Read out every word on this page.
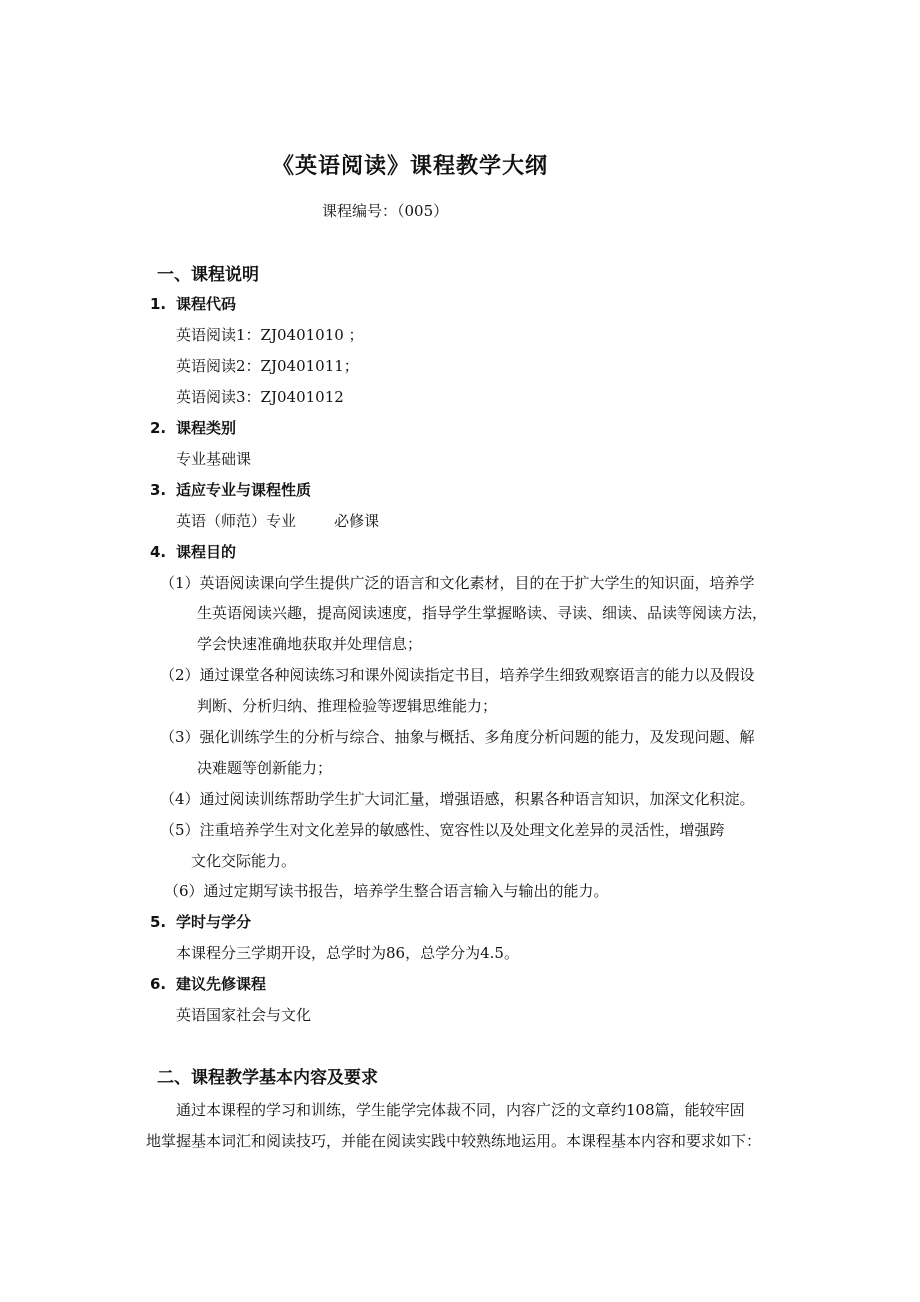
《英语阅读》课程教学大纲
课程编号：（005）
一、课程说明
1. 课程代码
英语阅读1：ZJ0401010 ；
英语阅读2：ZJ0401011；
英语阅读3：ZJ0401012
2. 课程类别
专业基础课
3. 适应专业与课程性质
英语（师范）专业        必修课
4. 课程目的
（1）英语阅读课向学生提供广泛的语言和文化素材，目的在于扩大学生的知识面，培养学
生英语阅读兴趣，提高阅读速度，指导学生掌握略读、寻读、细读、品读等阅读方法，
学会快速准确地获取并处理信息；
（2）通过课堂各种阅读练习和课外阅读指定书目，培养学生细致观察语言的能力以及假设
判断、分析归纳、推理检验等逻辑思维能力；
（3）强化训练学生的分析与综合、抽象与概括、多角度分析问题的能力，及发现问题、解
决难题等创新能力；
（4）通过阅读训练帮助学生扩大词汇量，增强语感，积累各种语言知识，加深文化积淀。
（5）注重培养学生对文化差异的敏感性、宽容性以及处理文化差异的灵活性，增强跨
文化交际能力。
（6）通过定期写读书报告，培养学生整合语言输入与输出的能力。
5. 学时与学分
本课程分三学期开设，总学时为86，总学分为4.5。
6. 建议先修课程
英语国家社会与文化
二、课程教学基本内容及要求
通过本课程的学习和训练，学生能学完体裁不同，内容广泛的文章约108篇，能较牢固
地掌握基本词汇和阅读技巧，并能在阅读实践中较熟练地运用。本课程基本内容和要求如下：
